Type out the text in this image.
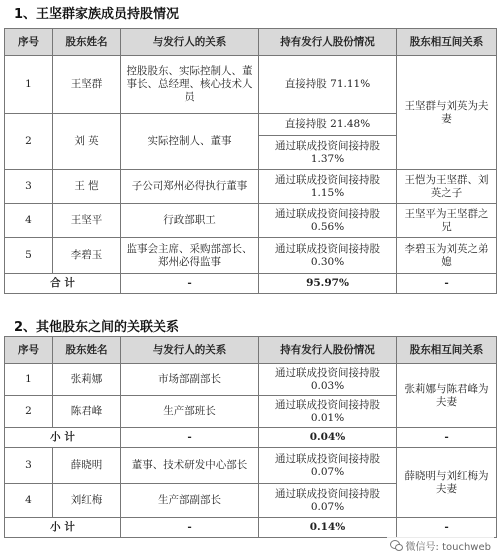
1、王坚群家族成员持股情况
序号	股东姓名	与发行人的关系	持有发行人股份情况	股东相互间关系
1	王坚群	控股股东、实际控制人、董事长、总经理、核心技术人员	直接持股 71.11%	王坚群与刘英为夫妻
2	刘 英	实际控制人、董事	直接持股 21.48%	
			通过联成投资间接持股1.37%	
3	王 恺	子公司郑州必得执行董事	通过联成投资间接持股1.15%	王恺为王坚群、刘英之子
4	王坚平	行政部职工	通过联成投资间接持股0.56%	王坚平为王坚群之兄
5	李碧玉	监事会主席、采购部部长、郑州必得监事	通过联成投资间接持股0.30%	李碧玉为刘英之弟媳
合 计		-	95.97%	-
2、其他股东之间的关联关系
序号	股东姓名	与发行人的关系	持有发行人股份情况	股东相互间关系
1	张莉娜	市场部副部长	通过联成投资间接持股0.03%	张莉娜与陈君峰为夫妻
2	陈君峰	生产部班长	通过联成投资间接持股0.01%	
小 计		-	0.04%	-
3	薛晓明	董事、技术研发中心部长	通过联成投资间接持股0.07%	薛晓明与刘红梅为夫妻
4	刘红梅	生产部副部长	通过联成投资间接持股0.07%	
小 计		-	0.14%	-
微信号: touchweb
